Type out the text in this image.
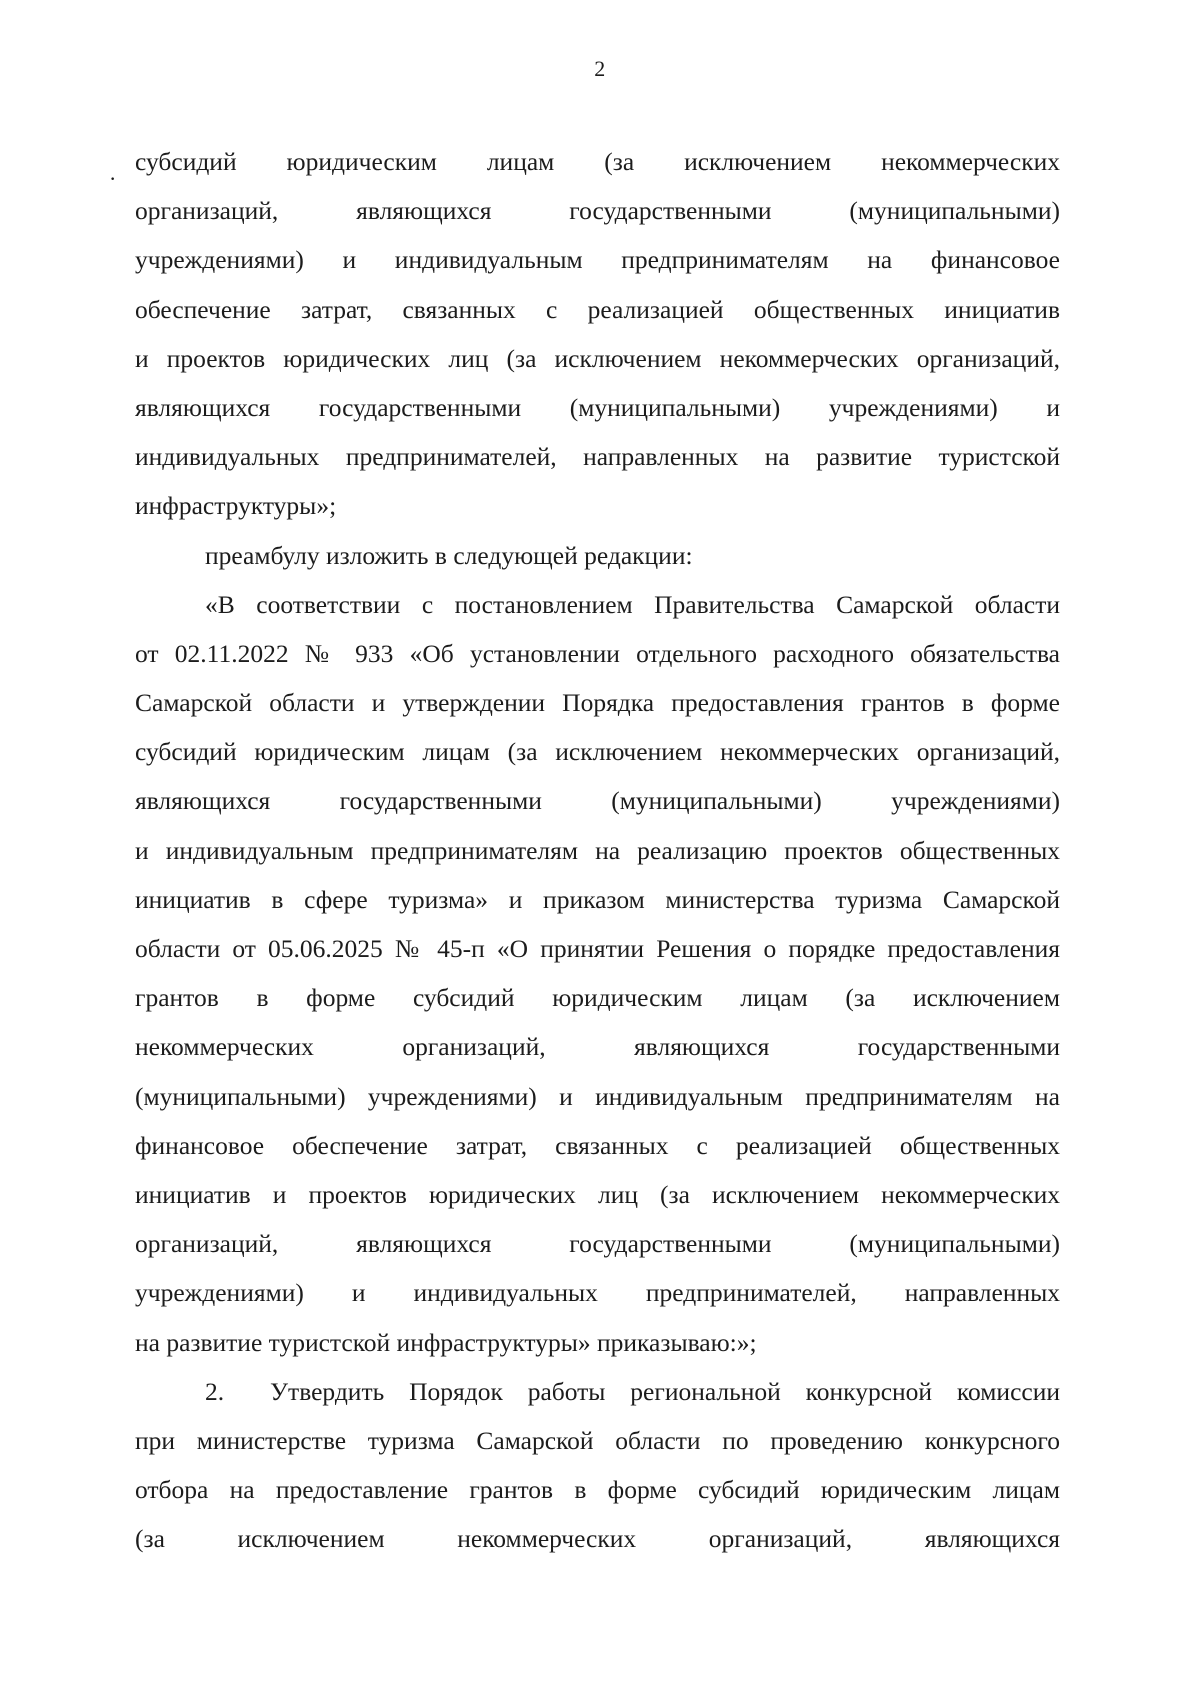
2
·
субсидий юридическим лицам (за исключением некоммерческих
организаций, являющихся государственными (муниципальными)
учреждениями) и индивидуальным предпринимателям на финансовое
обеспечение затрат, связанных с реализацией общественных инициатив
и проектов юридических лиц (за исключением некоммерческих организаций,
являющихся государственными (муниципальными) учреждениями) и
индивидуальных предпринимателей, направленных на развитие туристской
инфраструктуры»;
преамбулу изложить в следующей редакции:
«В соответствии с постановлением Правительства Самарской области
от 02.11.2022 № 933 «Об установлении отдельного расходного обязательства
Самарской области и утверждении Порядка предоставления грантов в форме
субсидий юридическим лицам (за исключением некоммерческих организаций,
являющихся государственными (муниципальными) учреждениями)
и индивидуальным предпринимателям на реализацию проектов общественных
инициатив в сфере туризма» и приказом министерства туризма Самарской
области от 05.06.2025 № 45-п «О принятии Решения о порядке предоставления
грантов в форме субсидий юридическим лицам (за исключением
некоммерческих организаций, являющихся государственными
(муниципальными) учреждениями) и индивидуальным предпринимателям на
финансовое обеспечение затрат, связанных с реализацией общественных
инициатив и проектов юридических лиц (за исключением некоммерческих
организаций, являющихся государственными (муниципальными)
учреждениями) и индивидуальных предпринимателей, направленных
на развитие туристской инфраструктуры» приказываю:»;
2.	Утвердить Порядок работы региональной конкурсной комиссии
при министерстве туризма Самарской области по проведению конкурсного
отбора на предоставление грантов в форме субсидий юридическим лицам
(за исключением некоммерческих организаций, являющихся
